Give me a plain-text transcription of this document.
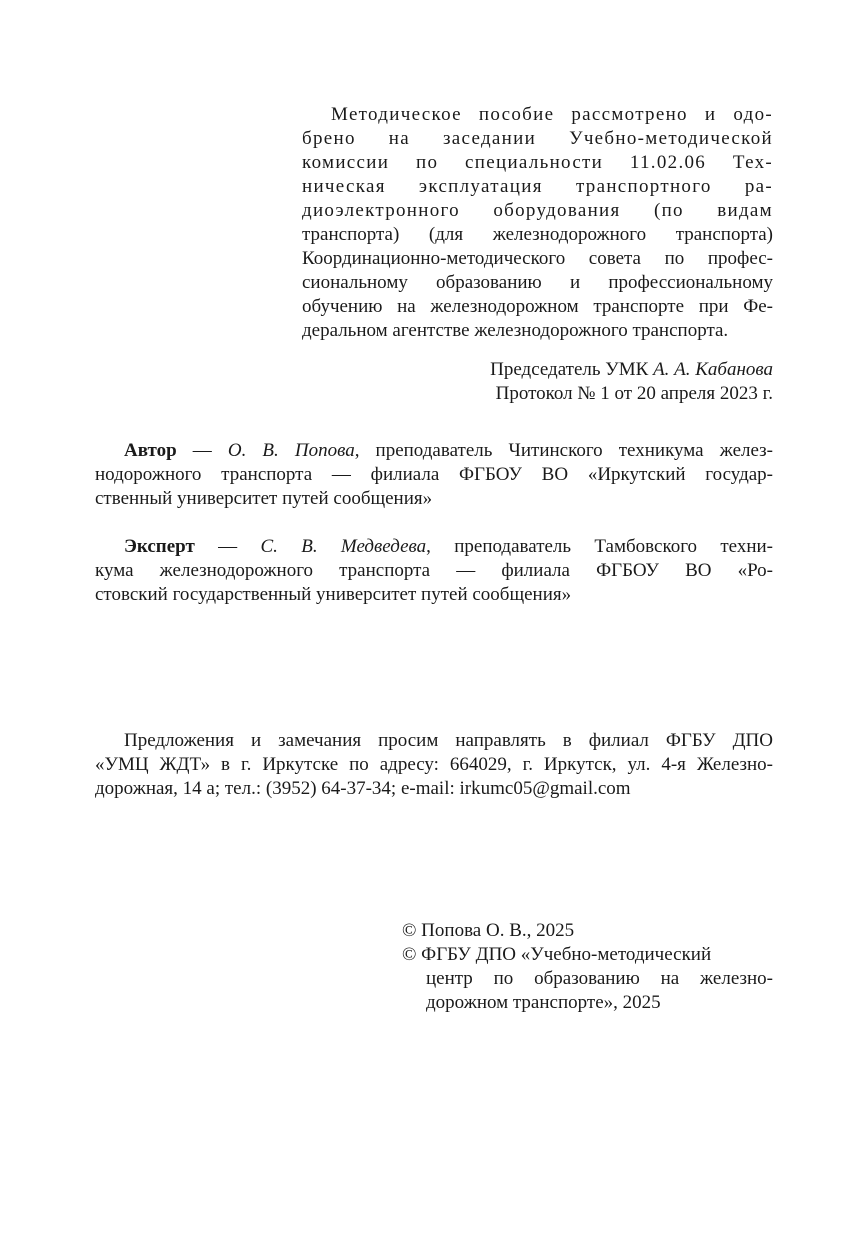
Методическое пособие рассмотрено и одо-
брено на заседании Учебно-методической
комиссии по специальности 11.02.06 Тех-
ническая эксплуатация транспортного ра-
диоэлектронного оборудования (по видам
транспорта) (для железнодорожного транспорта)
Координационно-методического совета по профес-
сиональному образованию и профессиональному
обучению на железнодорожном транспорте при Фе-
деральном агентстве железнодорожного транспорта.
Председатель УМК А. А. Кабанова
Протокол № 1 от 20 апреля 2023 г.
Автор — О. В. Попова, преподаватель Читинского техникума желез-
нодорожного транспорта — филиала ФГБОУ ВО «Иркутский государ-
ственный университет путей сообщения»
Эксперт — С. В. Медведева, преподаватель Тамбовского техни-
кума железнодорожного транспорта — филиала ФГБОУ ВО «Ро-
стовский государственный университет путей сообщения»
Предложения и замечания просим направлять в филиал ФГБУ ДПО
«УМЦ ЖДТ» в г. Иркутске по адресу: 664029, г. Иркутск, ул. 4-я Железно-
дорожная, 14 а; тел.: (3952) 64-37-34; e-mail: irkumc05@gmail.com
© Попова О. В., 2025
© ФГБУ ДПО «Учебно-методический
центр по образованию на железно-
дорожном транспорте», 2025
